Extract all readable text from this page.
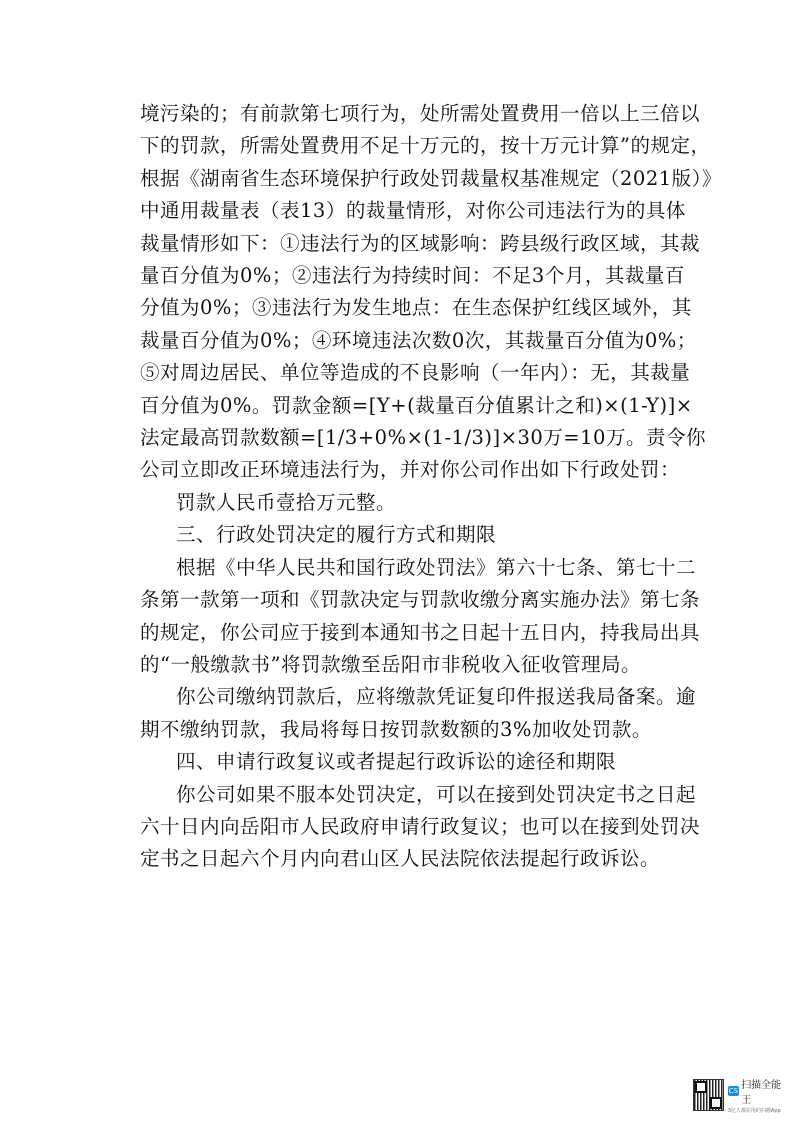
境污染的；有前款第七项行为，处所需处置费用一倍以上三倍以
下的罚款，所需处置费用不足十万元的，按十万元计算”的规定，
根据《湖南省生态环境保护行政处罚裁量权基准规定（2021版）》
中通用裁量表（表13）的裁量情形，对你公司违法行为的具体
裁量情形如下：①违法行为的区域影响：跨县级行政区域，其裁
量百分值为0%；②违法行为持续时间：不足3个月，其裁量百
分值为0%；③违法行为发生地点：在生态保护红线区域外，其
裁量百分值为0%；④环境违法次数0次，其裁量百分值为0%；
⑤对周边居民、单位等造成的不良影响（一年内）：无，其裁量
百分值为0%。罚款金额=[Y+(裁量百分值累计之和)×(1-Y)]×
法定最高罚款数额=[1/3+0%×(1-1/3)]×30万=10万。责令你
公司立即改正环境违法行为，并对你公司作出如下行政处罚：
罚款人民币壹拾万元整。
三、行政处罚决定的履行方式和期限
根据《中华人民共和国行政处罚法》第六十七条、第七十二
条第一款第一项和《罚款决定与罚款收缴分离实施办法》第七条
的规定，你公司应于接到本通知书之日起十五日内，持我局出具
的“一般缴款书”将罚款缴至岳阳市非税收入征收管理局。
你公司缴纳罚款后，应将缴款凭证复印件报送我局备案。逾
期不缴纳罚款，我局将每日按罚款数额的3%加收处罚款。
四、申请行政复议或者提起行政诉讼的途径和期限
你公司如果不服本处罚决定，可以在接到处罚决定书之日起
六十日内向岳阳市人民政府申请行政复议；也可以在接到处罚决
定书之日起六个月内向君山区人民法院依法提起行政诉讼。
CS 扫描全能王
3亿人都在用的扫描App
